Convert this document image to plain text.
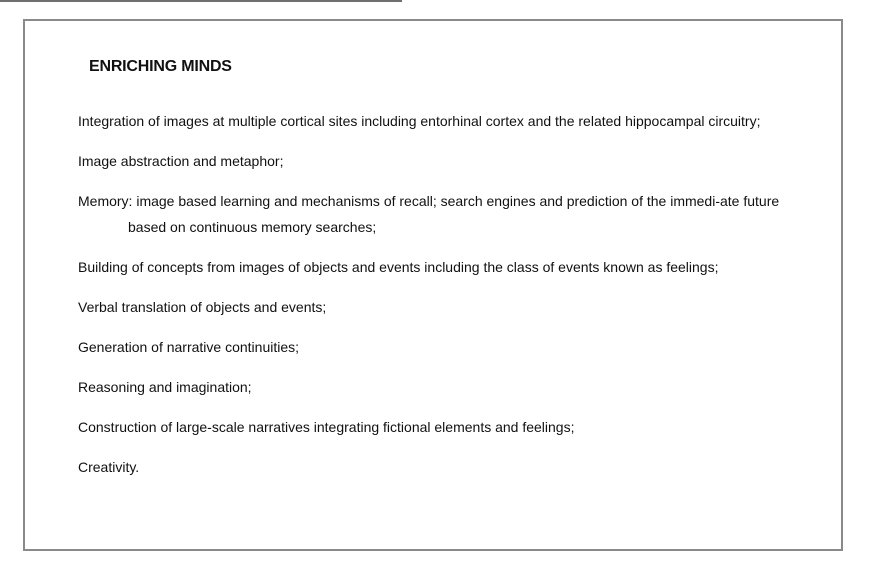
ENRICHING MINDS
Integration of images at multiple cortical sites including entorhinal cortex and the related hippocampal circuitry;
Image abstraction and metaphor;
Memory: image based learning and mechanisms of recall; search engines and prediction of the immedi-ate future based on continuous memory searches;
Building of concepts from images of objects and events including the class of events known as feelings;
Verbal translation of objects and events;
Generation of narrative continuities;
Reasoning and imagination;
Construction of large-scale narratives integrating fictional elements and feelings;
Creativity.
